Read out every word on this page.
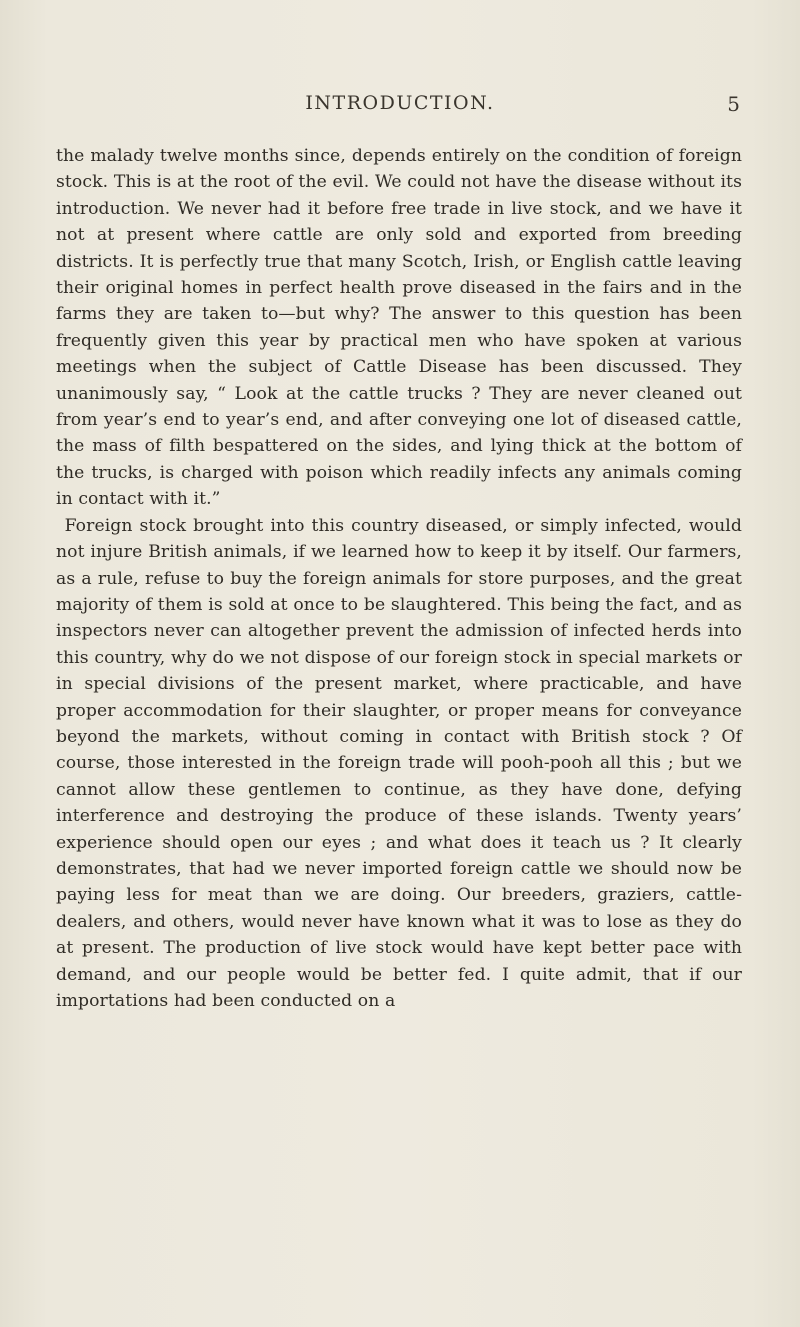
INTRODUCTION.	5

the malady twelve months since, depends entirely on the condition of foreign stock. This is at the root of the evil. We could not have the disease without its introduction. We never had it before free trade in live stock, and we have it not at present where cattle are only sold and exported from breeding districts. It is perfectly true that many Scotch, Irish, or English cattle leaving their original homes in perfect health prove diseased in the fairs and in the farms they are taken to—but why? The answer to this question has been frequently given this year by practical men who have spoken at various meetings when the subject of Cattle Disease has been discussed. They unanimously say, “ Look at the cattle trucks ? They are never cleaned out from year’s end to year’s end, and after conveying one lot of diseased cattle, the mass of filth bespattered on the sides, and lying thick at the bottom of the trucks, is charged with poison which readily infects any animals coming in contact with it.”

Foreign stock brought into this country diseased, or simply infected, would not injure British animals, if we learned how to keep it by itself. Our farmers, as a rule, refuse to buy the foreign animals for store purposes, and the great majority of them is sold at once to be slaughtered. This being the fact, and as inspectors never can altogether prevent the admission of infected herds into this country, why do we not dispose of our foreign stock in special markets or in special divisions of the present market, where practicable, and have proper accommodation for their slaughter, or proper means for conveyance beyond the markets, without coming in contact with British stock ? Of course, those interested in the foreign trade will pooh-pooh all this ; but we cannot allow these gentlemen to continue, as they have done, defying interference and destroying the produce of these islands. Twenty years’ experience should open our eyes ; and what does it teach us ? It clearly demonstrates, that had we never imported foreign cattle we should now be paying less for meat than we are doing. Our breeders, graziers, cattle-dealers, and others, would never have known what it was to lose as they do at present. The production of live stock would have kept better pace with demand, and our people would be better fed. I quite admit, that if our importations had been conducted on a
